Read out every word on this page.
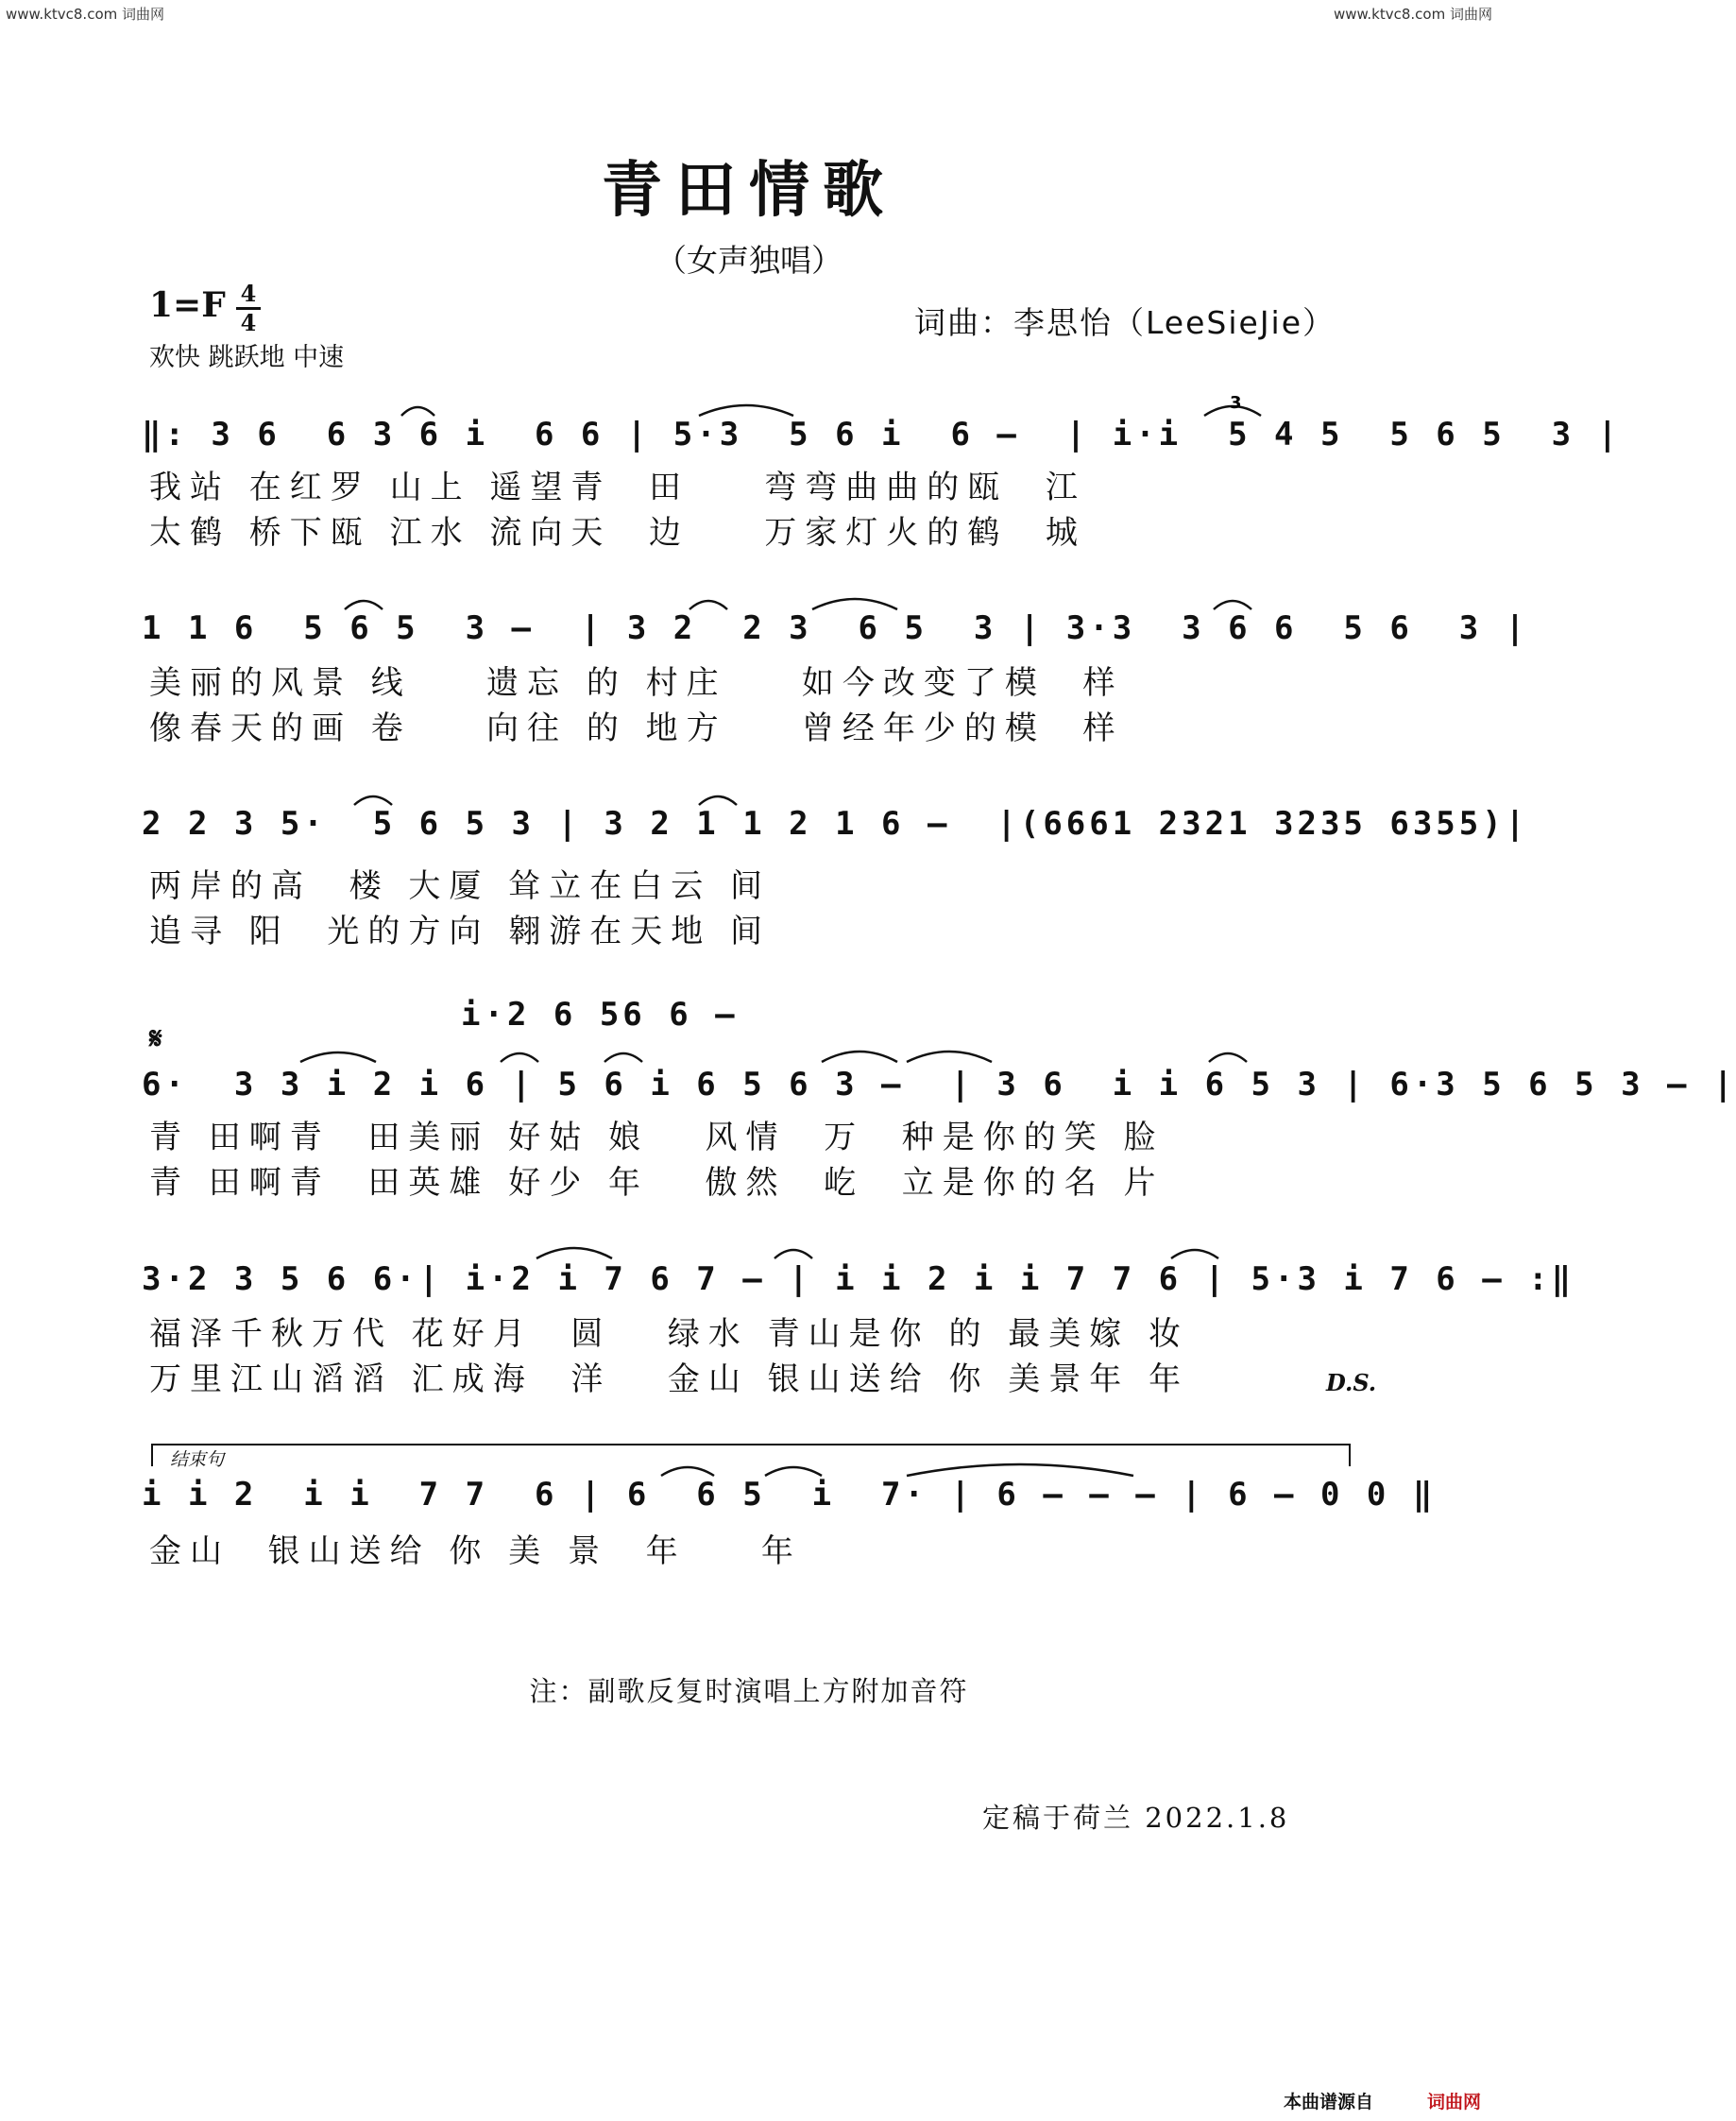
www.ktvc8.com 词曲网	www.ktvc8.com 词曲网
青田情歌
（女声独唱）
1=F 4
4
欢快 跳跃地 中速
词曲：李思怡（LeeSieJie）
‖: 3 6  6 3 6 i  6 6 | 5·3  5 6 i  6 –  | i·i  5 4 5  5 6 5  3 |
我站 在红罗 山上 遥望青  田    弯弯曲曲的瓯  江
太鹤 桥下瓯 江水 流向天  边    万家灯火的鹤  城
3
1 1 6  5 6 5  3 –  | 3 2  2 3  6 5  3 | 3·3  3 6 6  5 6  3 |
美丽的风景 线    遗忘 的 村庄    如今改变了模  样
像春天的画 卷    向往 的 地方    曾经年少的模  样
2 2 3 5·  5 6 5 3 | 3 2 1 1 2 1 6 –  |(6661 2321 3235 6355)|
两岸的高  楼 大厦 耸立在白云 间
追寻 阳  光的方向 翱游在天地 间
𝄋
i·2 6 56 6 –
6·  3 3 i 2 i 6 | 5 6 i 6 5 6 3 –  | 3 6  i i 6 5 3 | 6·3 5 6 5 3 – |
青 田啊青  田美丽 好姑 娘   风情  万  种是你的笑 脸
青 田啊青  田英雄 好少 年   傲然  屹  立是你的名 片
3·2 3 5 6 6·| i·2 i 7 6 7 – | i i 2 i i 7 7 6 | 5·3 i 7 6 – :‖
福泽千秋万代 花好月  圆   绿水 青山是你 的 最美嫁 妆
万里江山滔滔 汇成海  洋   金山 银山送给 你 美景年 年	D.S.
结束句
i i 2  i i  7 7  6 | 6  6 5  i  7· | 6 – – – | 6 – 0 0 ‖
金山  银山送给 你 美 景  年    年
注：副歌反复时演唱上方附加音符
定稿于荷兰 2022.1.8
本曲谱源自	词曲网
